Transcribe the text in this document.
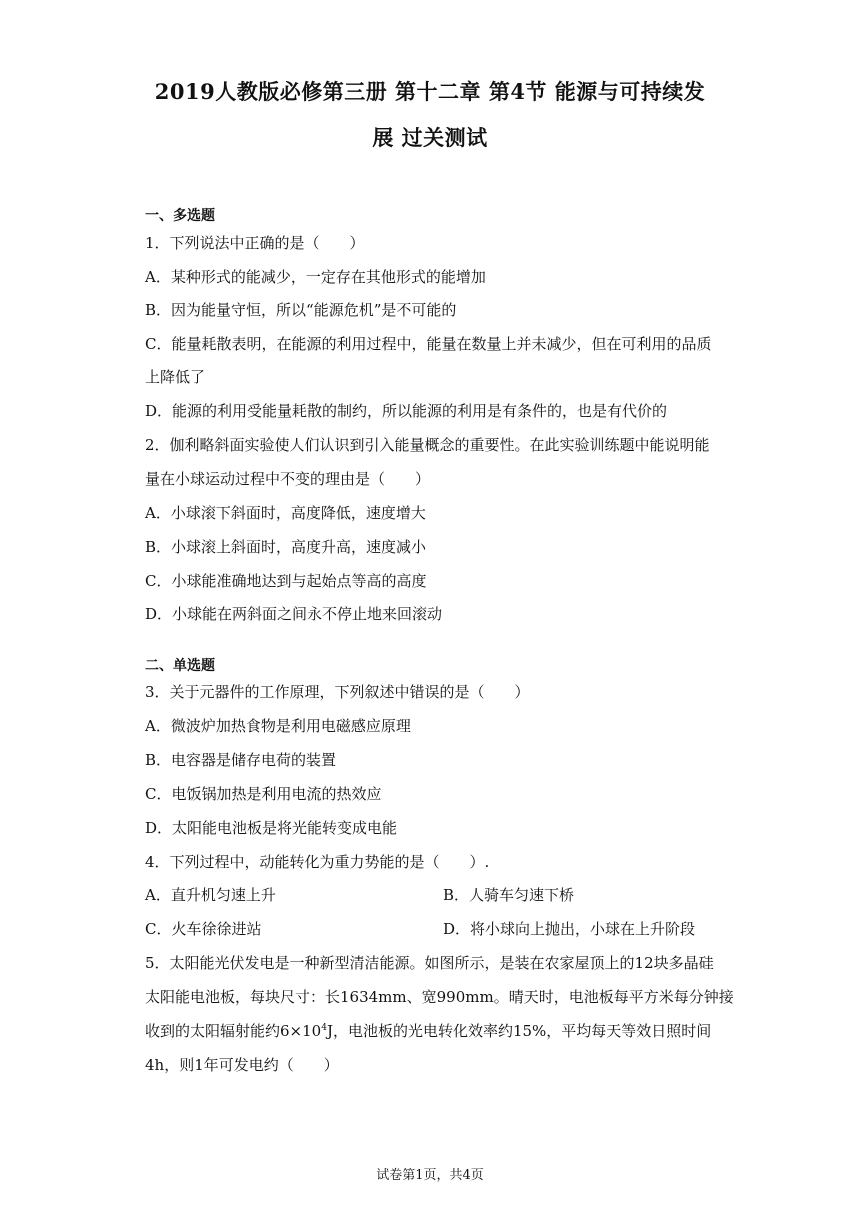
2019人教版必修第三册 第十二章 第4节 能源与可持续发
展 过关测试
一、多选题
1．下列说法中正确的是（　　）
A．某种形式的能减少，一定存在其他形式的能增加
B．因为能量守恒，所以“能源危机”是不可能的
C．能量耗散表明，在能源的利用过程中，能量在数量上并未减少，但在可利用的品质
上降低了
D．能源的利用受能量耗散的制约，所以能源的利用是有条件的，也是有代价的
2．伽利略斜面实验使人们认识到引入能量概念的重要性。在此实验训练题中能说明能
量在小球运动过程中不变的理由是（　　）
A．小球滚下斜面时，高度降低，速度增大
B．小球滚上斜面时，高度升高，速度减小
C．小球能准确地达到与起始点等高的高度
D．小球能在两斜面之间永不停止地来回滚动
二、单选题
3．关于元器件的工作原理，下列叙述中错误的是（　　）
A．微波炉加热食物是利用电磁感应原理
B．电容器是储存电荷的装置
C．电饭锅加热是利用电流的热效应
D．太阳能电池板是将光能转变成电能
4．下列过程中，动能转化为重力势能的是（　　）.
A．直升机匀速上升	B．人骑车匀速下桥
C．火车徐徐进站	D．将小球向上抛出，小球在上升阶段
5．太阳能光伏发电是一种新型清洁能源。如图所示，是装在农家屋顶上的12块多晶硅
太阳能电池板，每块尺寸：长1634mm、宽990mm。晴天时，电池板每平方米每分钟接
收到的太阳辐射能约$6\times 10^4J$，电池板的光电转化效率约15%，平均每天等效日照时间
4h，则1年可发电约（　　）
试卷第1页，共4页
